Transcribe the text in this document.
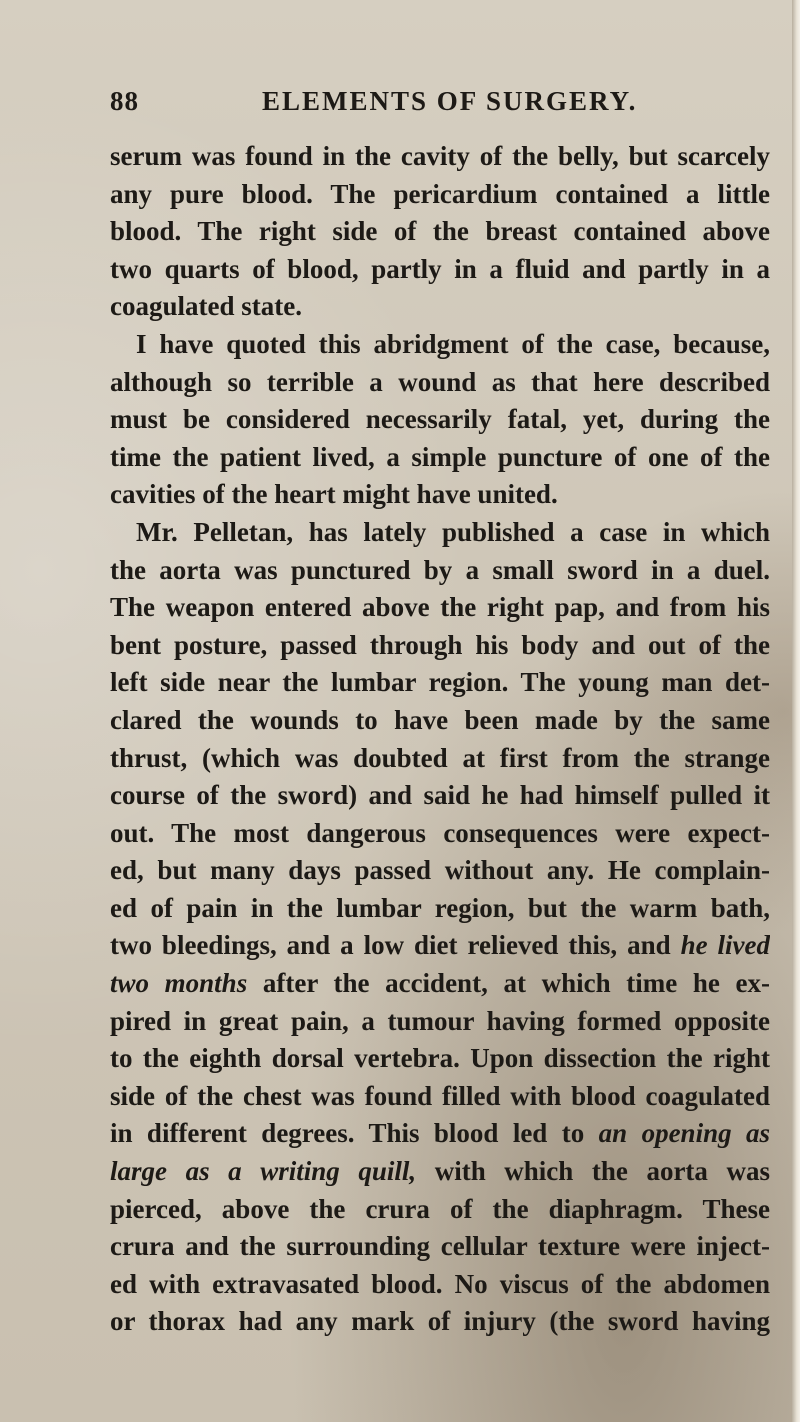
88	ELEMENTS OF SURGERY.
serum was found in the cavity of the belly, but scarcely
any pure blood. The pericardium contained a little
blood. The right side of the breast contained above
two quarts of blood, partly in a fluid and partly in a
coagulated state.
I have quoted this abridgment of the case, because,
although so terrible a wound as that here described
must be considered necessarily fatal, yet, during the
time the patient lived, a simple puncture of one of the
cavities of the heart might have united.
Mr. Pelletan, has lately published a case in which
the aorta was punctured by a small sword in a duel.
The weapon entered above the right pap, and from his
bent posture, passed through his body and out of the
left side near the lumbar region. The young man det-
clared the wounds to have been made by the same
thrust, (which was doubted at first from the strange
course of the sword) and said he had himself pulled it
out. The most dangerous consequences were expect-
ed, but many days passed without any. He complain-
ed of pain in the lumbar region, but the warm bath,
two bleedings, and a low diet relieved this, and he lived
two months after the accident, at which time he ex-
pired in great pain, a tumour having formed opposite
to the eighth dorsal vertebra. Upon dissection the right
side of the chest was found filled with blood coagulated
in different degrees. This blood led to an opening as
large as a writing quill, with which the aorta was
pierced, above the crura of the diaphragm. These
crura and the surrounding cellular texture were inject-
ed with extravasated blood. No viscus of the abdomen
or thorax had any mark of injury (the sword having
